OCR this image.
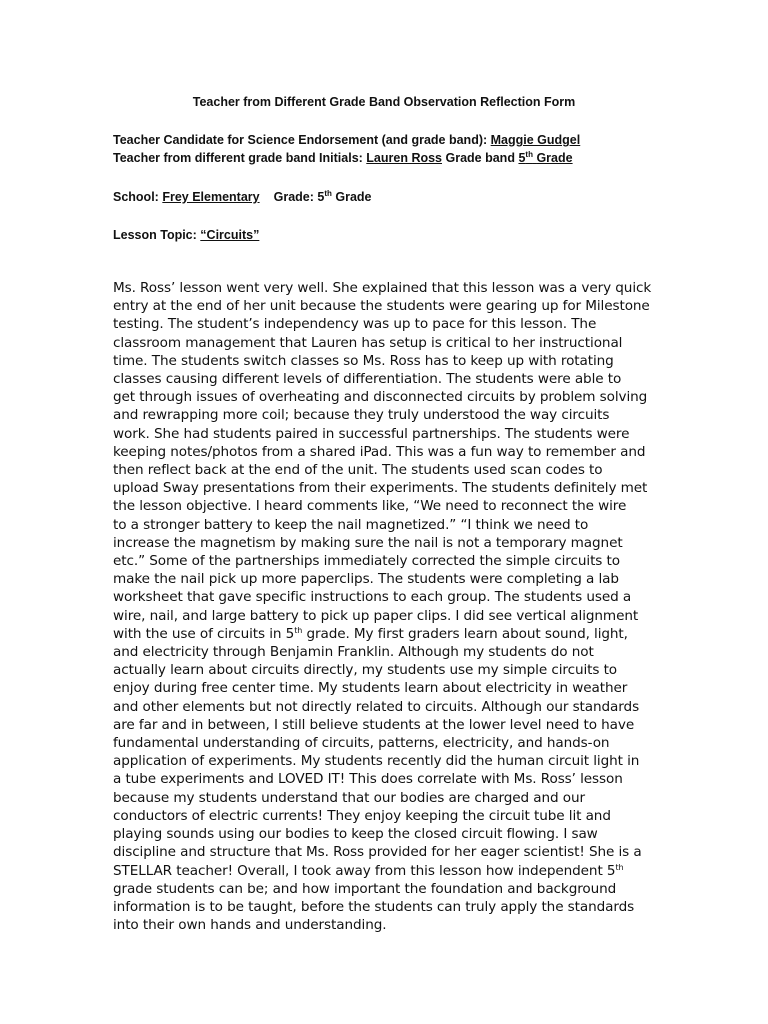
Teacher from Different Grade Band Observation Reflection Form
Teacher Candidate for Science Endorsement (and grade band): Maggie Gudgel
Teacher from different grade band Initials: Lauren Ross Grade band 5th Grade
School: Frey Elementary Grade: 5th Grade
Lesson Topic: “Circuits”
Ms. Ross’ lesson went very well. She explained that this lesson was a very quick
entry at the end of her unit because the students were gearing up for Milestone
testing. The student’s independency was up to pace for this lesson. The
classroom management that Lauren has setup is critical to her instructional
time. The students switch classes so Ms. Ross has to keep up with rotating
classes causing different levels of differentiation. The students were able to
get through issues of overheating and disconnected circuits by problem solving
and rewrapping more coil; because they truly understood the way circuits
work. She had students paired in successful partnerships. The students were
keeping notes/photos from a shared iPad. This was a fun way to remember and
then reflect back at the end of the unit. The students used scan codes to
upload Sway presentations from their experiments. The students definitely met
the lesson objective. I heard comments like, “We need to reconnect the wire
to a stronger battery to keep the nail magnetized.” “I think we need to
increase the magnetism by making sure the nail is not a temporary magnet
etc.” Some of the partnerships immediately corrected the simple circuits to
make the nail pick up more paperclips. The students were completing a lab
worksheet that gave specific instructions to each group. The students used a
wire, nail, and large battery to pick up paper clips. I did see vertical alignment
with the use of circuits in 5th grade. My first graders learn about sound, light,
and electricity through Benjamin Franklin. Although my students do not
actually learn about circuits directly, my students use my simple circuits to
enjoy during free center time. My students learn about electricity in weather
and other elements but not directly related to circuits. Although our standards
are far and in between, I still believe students at the lower level need to have
fundamental understanding of circuits, patterns, electricity, and hands-on
application of experiments. My students recently did the human circuit light in
a tube experiments and LOVED IT! This does correlate with Ms. Ross’ lesson
because my students understand that our bodies are charged and our
conductors of electric currents! They enjoy keeping the circuit tube lit and
playing sounds using our bodies to keep the closed circuit flowing. I saw
discipline and structure that Ms. Ross provided for her eager scientist! She is a
STELLAR teacher! Overall, I took away from this lesson how independent 5th
grade students can be; and how important the foundation and background
information is to be taught, before the students can truly apply the standards
into their own hands and understanding.
